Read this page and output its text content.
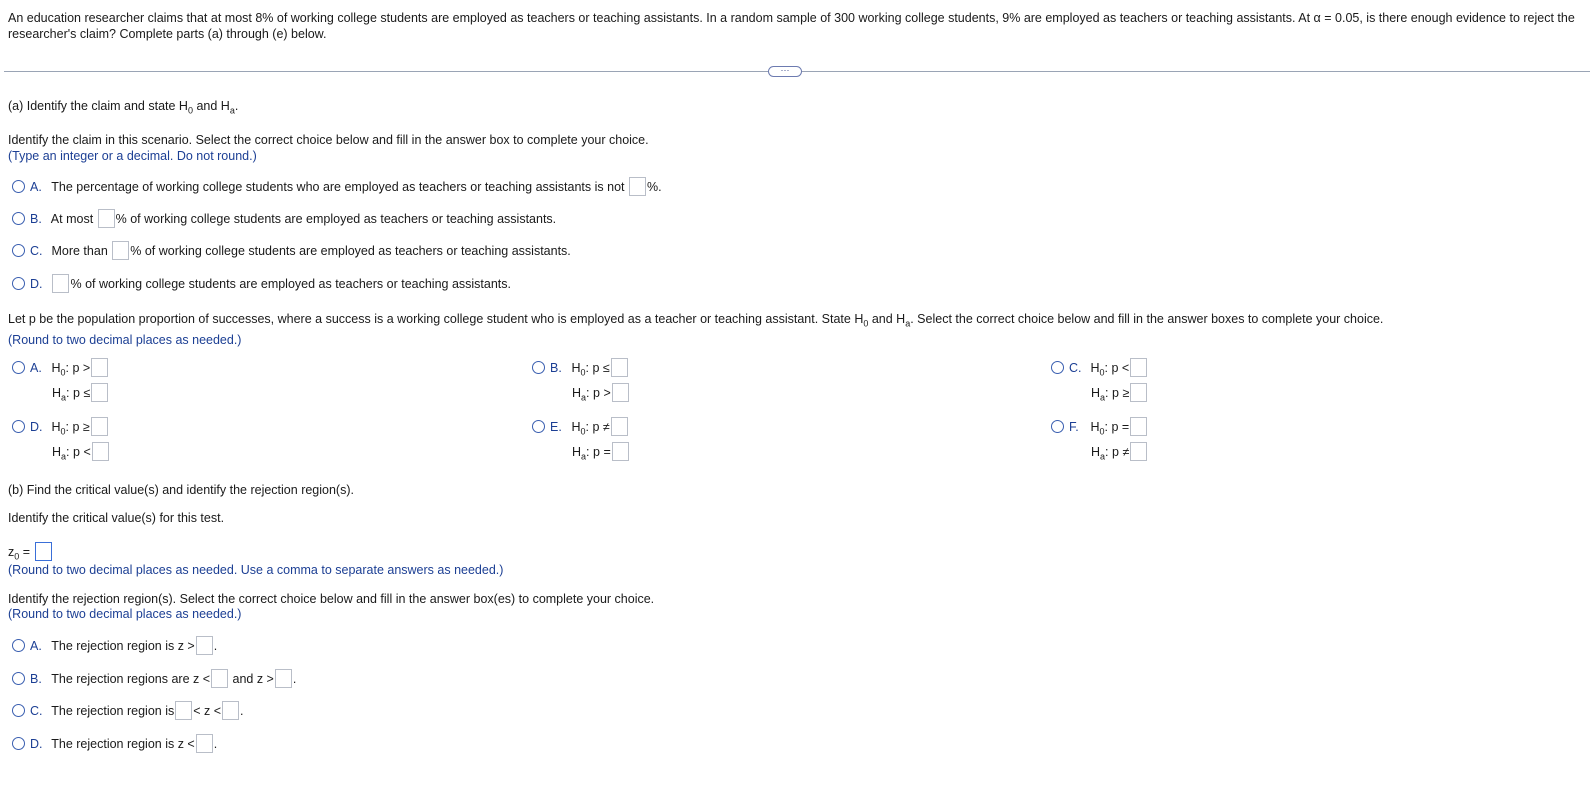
An education researcher claims that at most 8% of working college students are employed as teachers or teaching assistants. In a random sample of 300 working college students, 9% are employed as teachers or teaching assistants. At α = 0.05, is there enough evidence to reject the researcher's claim? Complete parts (a) through (e) below.
···
(a) Identify the claim and state $H_0$ and $H_a$.
Identify the claim in this scenario. Select the correct choice below and fill in the answer box to complete your choice.
(Type an integer or a decimal. Do not round.)
A. The percentage of working college students who are employed as teachers or teaching assistants is not %.
B. At most % of working college students are employed as teachers or teaching assistants.
C. More than % of working college students are employed as teachers or teaching assistants.
D. % of working college students are employed as teachers or teaching assistants.
Let p be the population proportion of successes, where a success is a working college student who is employed as a teacher or teaching assistant. State $H_0$ and $H_a$. Select the correct choice below and fill in the answer boxes to complete your choice.
(Round to two decimal places as needed.)
A. $H_0$: p >
$H_a$: p ≤
B. $H_0$: p ≤
$H_a$: p >
C. $H_0$: p <
$H_a$: p ≥
D. $H_0$: p ≥
$H_a$: p <
E. $H_0$: p ≠
$H_a$: p =
F. $H_0$: p =
$H_a$: p ≠
(b) Find the critical value(s) and identify the rejection region(s).
Identify the critical value(s) for this test.
$z_0$ =
(Round to two decimal places as needed. Use a comma to separate answers as needed.)
Identify the rejection region(s). Select the correct choice below and fill in the answer box(es) to complete your choice.
(Round to two decimal places as needed.)
A. The rejection region is z > .
B. The rejection regions are z < and z > .
C. The rejection region is < z < .
D. The rejection region is z < .
